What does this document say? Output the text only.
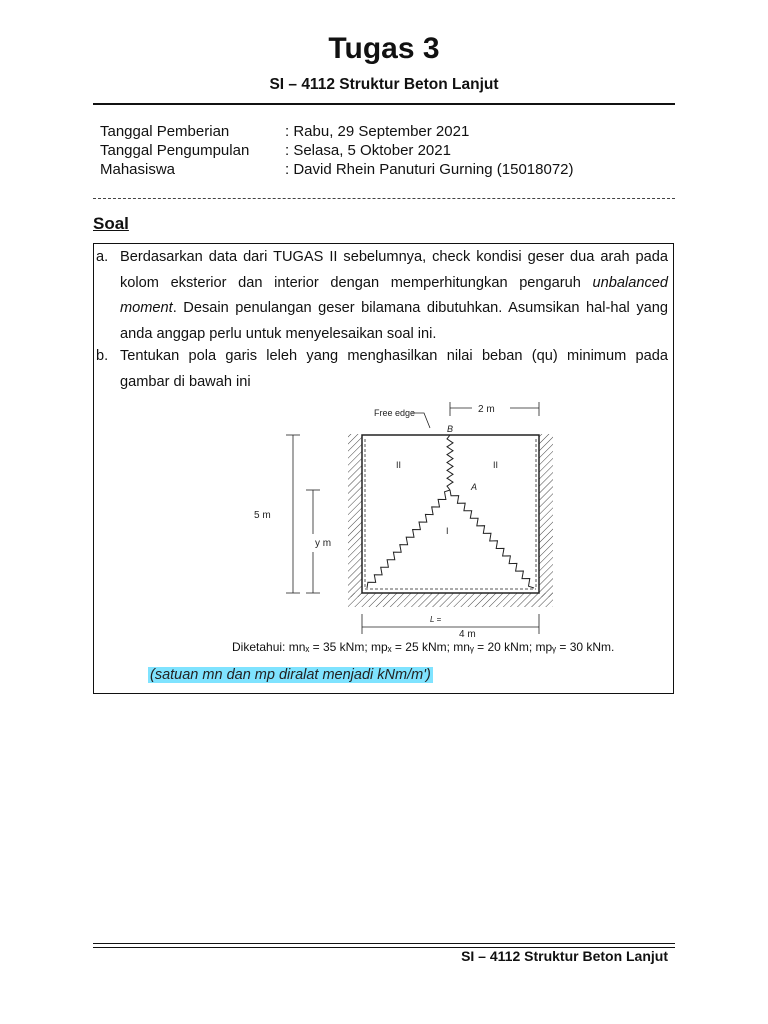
Tugas 3
SI – 4112 Struktur Beton Lanjut
Tanggal Pemberian	: Rabu, 29 September 2021
Tanggal Pengumpulan	: Selasa, 5 Oktober 2021
Mahasiswa	: David Rhein Panuturi Gurning (15018072)
Soal
a. Berdasarkan data dari TUGAS II sebelumnya, check kondisi geser dua arah pada kolom eksterior dan interior dengan memperhitungkan pengaruh unbalanced moment. Desain penulangan geser bilamana dibutuhkan. Asumsikan hal-hal yang anda anggap perlu untuk menyelesaikan soal ini.
b. Tentukan pola garis leleh yang menghasilkan nilai beban (qu) minimum pada gambar di bawah ini
Free edge
B
2 m
II	II
A
I
5 m
y m
L =
4 m
Diketahui: mnₓ = 35 kNm; mpₓ = 25 kNm; mnᵧ = 20 kNm; mpᵧ = 30 kNm.
(satuan mn dan mp diralat menjadi kNm/m')
SI – 4112 Struktur Beton Lanjut
